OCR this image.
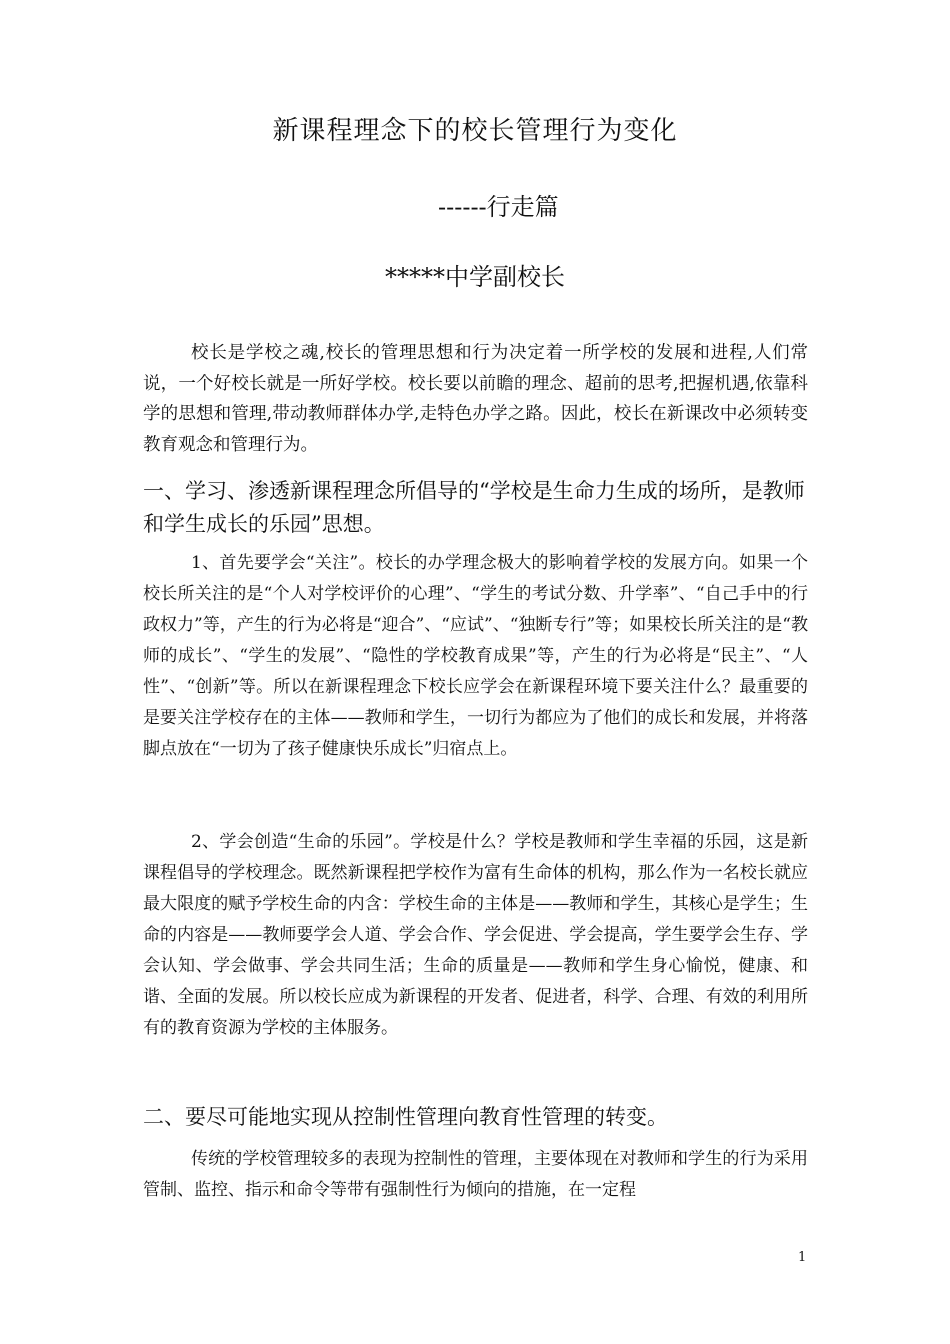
新课程理念下的校长管理行为变化
------行走篇
*****中学副校长

校长是学校之魂,校长的管理思想和行为决定着一所学校的发展和进程,人们常说，一个好校长就是一所好学校。校长要以前瞻的理念、超前的思考,把握机遇,依靠科学的思想和管理,带动教师群体办学,走特色办学之路。因此，校长在新课改中必须转变教育观念和管理行为。

一、学习、渗透新课程理念所倡导的“学校是生命力生成的场所，是教师和学生成长的乐园”思想。

1、首先要学会“关注”。校长的办学理念极大的影响着学校的发展方向。如果一个校长所关注的是“个人对学校评价的心理”、“学生的考试分数、升学率”、“自己手中的行政权力”等，产生的行为必将是“迎合”、“应试”、“独断专行”等；如果校长所关注的是“教师的成长”、“学生的发展”、“隐性的学校教育成果”等，产生的行为必将是“民主”、“人性”、“创新”等。所以在新课程理念下校长应学会在新课程环境下要关注什么？最重要的是要关注学校存在的主体——教师和学生，一切行为都应为了他们的成长和发展，并将落脚点放在“一切为了孩子健康快乐成长”归宿点上。

2、学会创造“生命的乐园”。学校是什么？学校是教师和学生幸福的乐园，这是新课程倡导的学校理念。既然新课程把学校作为富有生命体的机构，那么作为一名校长就应最大限度的赋予学校生命的内含：学校生命的主体是——教师和学生，其核心是学生；生命的内容是——教师要学会人道、学会合作、学会促进、学会提高，学生要学会生存、学会认知、学会做事、学会共同生活；生命的质量是——教师和学生身心愉悦，健康、和谐、全面的发展。所以校长应成为新课程的开发者、促进者，科学、合理、有效的利用所有的教育资源为学校的主体服务。

二、要尽可能地实现从控制性管理向教育性管理的转变。

传统的学校管理较多的表现为控制性的管理，主要体现在对教师和学生的行为采用管制、监控、指示和命令等带有强制性行为倾向的措施，在一定程

1
